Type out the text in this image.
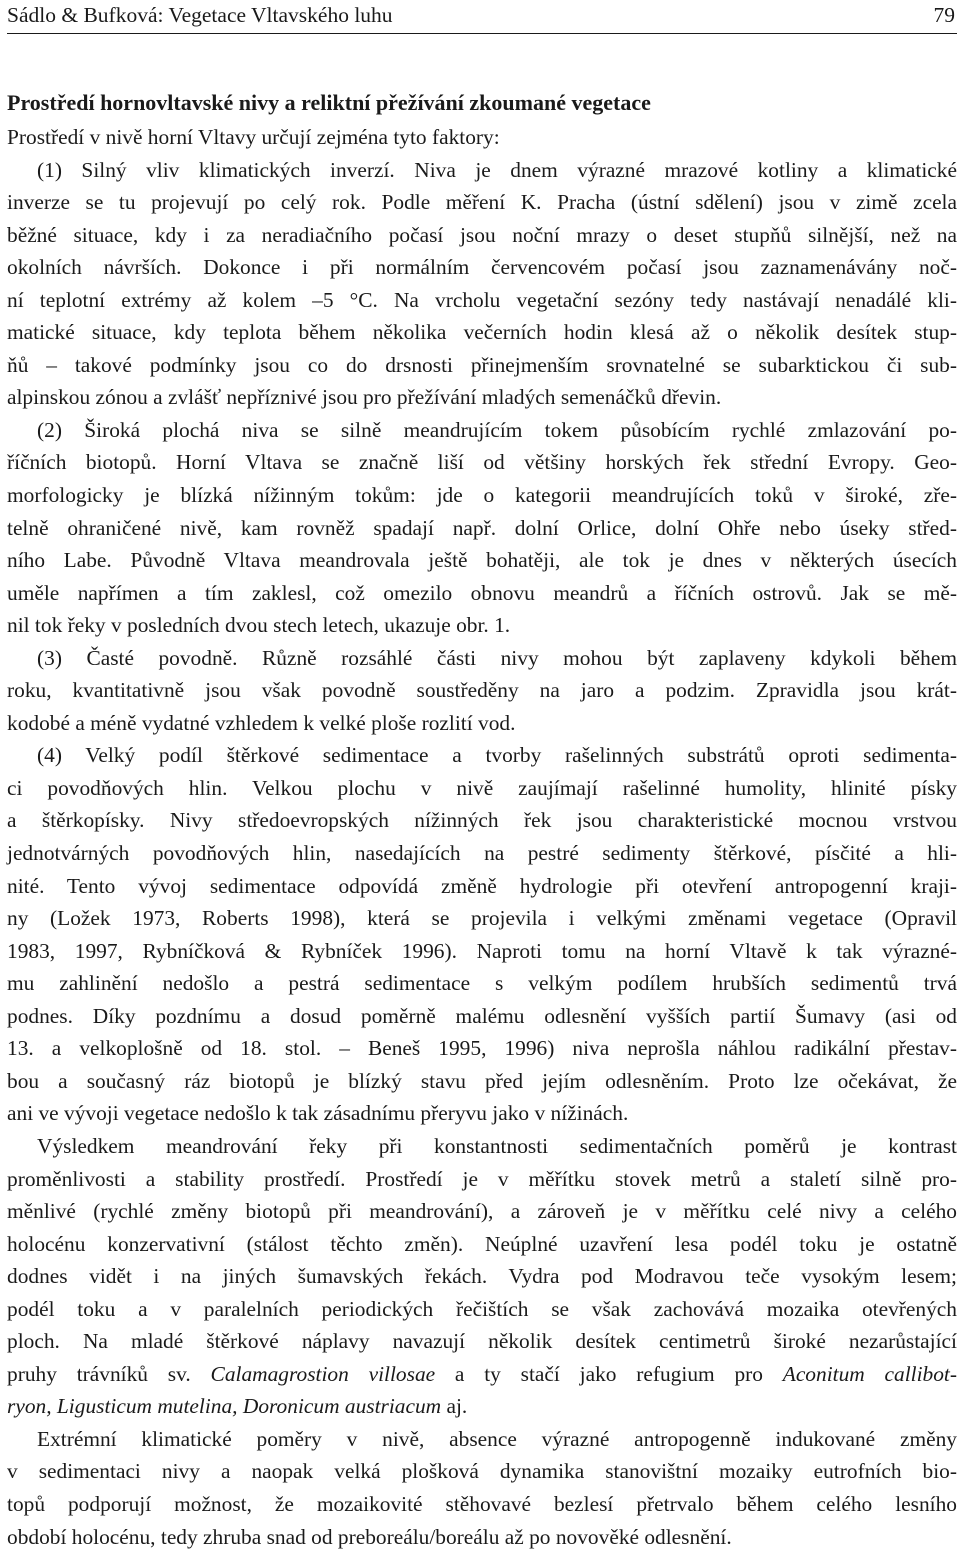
Sádlo & Bufková: Vegetace Vltavského luhu	79
Prostředí hornovltavské nivy a reliktní přežívání zkoumané vegetace
Prostředí v nivě horní Vltavy určují zejména tyto faktory:
(1) Silný vliv klimatických inverzí. Niva je dnem výrazné mrazové kotliny a klimatické
inverze se tu projevují po celý rok. Podle měření K. Pracha (ústní sdělení) jsou v zimě zcela
běžné situace, kdy i za neradiačního počasí jsou noční mrazy o deset stupňů silnější, než na
okolních návrších. Dokonce i při normálním červencovém počasí jsou zaznamenávány noč-
ní teplotní extrémy až kolem –5 °C. Na vrcholu vegetační sezóny tedy nastávají nenadálé kli-
matické situace, kdy teplota během několika večerních hodin klesá až o několik desítek stup-
ňů – takové podmínky jsou co do drsnosti přinejmenším srovnatelné se subarktickou či sub-
alpinskou zónou a zvlášť nepříznivé jsou pro přežívání mladých semenáčků dřevin.
(2) Široká plochá niva se silně meandrujícím tokem působícím rychlé zmlazování po-
říčních biotopů. Horní Vltava se značně liší od většiny horských řek střední Evropy. Geo-
morfologicky je blízká nížinným tokům: jde o kategorii meandrujících toků v široké, zře-
telně ohraničené nivě, kam rovněž spadají např. dolní Orlice, dolní Ohře nebo úseky střed-
ního Labe. Původně Vltava meandrovala ještě bohatěji, ale tok je dnes v některých úsecích
uměle napřímen a tím zaklesl, což omezilo obnovu meandrů a říčních ostrovů. Jak se mě-
nil tok řeky v posledních dvou stech letech, ukazuje obr. 1.
(3) Časté povodně. Různě rozsáhlé části nivy mohou být zaplaveny kdykoli během
roku, kvantitativně jsou však povodně soustředěny na jaro a podzim. Zpravidla jsou krát-
kodobé a méně vydatné vzhledem k velké ploše rozlití vod.
(4) Velký podíl štěrkové sedimentace a tvorby rašelinných substrátů oproti sedimenta-
ci povodňových hlin. Velkou plochu v nivě zaujímají rašelinné humolity, hlinité písky
a štěrkopísky. Nivy středoevropských nížinných řek jsou charakteristické mocnou vrstvou
jednotvárných povodňových hlin, nasedajících na pestré sedimenty štěrkové, písčité a hli-
nité. Tento vývoj sedimentace odpovídá změně hydrologie při otevření antropogenní kraji-
ny (Ložek 1973, Roberts 1998), která se projevila i velkými změnami vegetace (Opravil
1983, 1997, Rybníčková & Rybníček 1996). Naproti tomu na horní Vltavě k tak výrazné-
mu zahlinění nedošlo a pestrá sedimentace s velkým podílem hrubších sedimentů trvá
podnes. Díky pozdnímu a dosud poměrně malému odlesnění vyšších partií Šumavy (asi od
13. a velkoplošně od 18. stol. – Beneš 1995, 1996) niva neprošla náhlou radikální přestav-
bou a současný ráz biotopů je blízký stavu před jejím odlesněním. Proto lze očekávat, že
ani ve vývoji vegetace nedošlo k tak zásadnímu přeryvu jako v nížinách.
Výsledkem meandrování řeky při konstantnosti sedimentačních poměrů je kontrast
proměnlivosti a stability prostředí. Prostředí je v měřítku stovek metrů a staletí silně pro-
měnlivé (rychlé změny biotopů při meandrování), a zároveň je v měřítku celé nivy a celého
holocénu konzervativní (stálost těchto změn). Neúplné uzavření lesa podél toku je ostatně
dodnes vidět i na jiných šumavských řekách. Vydra pod Modravou teče vysokým lesem;
podél toku a v paralelních periodických řečištích se však zachovává mozaika otevřených
ploch. Na mladé štěrkové náplavy navazují několik desítek centimetrů široké nezarůstající
pruhy trávníků sv. Calamagrostion villosae a ty stačí jako refugium pro Aconitum callibot-
ryon, Ligusticum mutelina, Doronicum austriacum aj.
Extrémní klimatické poměry v nivě, absence výrazné antropogenně indukované změny
v sedimentaci nivy a naopak velká plošková dynamika stanovištní mozaiky eutrofních bio-
topů podporují možnost, že mozaikovité stěhovavé bezlesí přetrvalo během celého lesního
období holocénu, tedy zhruba snad od preboreálu/boreálu až po novověké odlesnění.
